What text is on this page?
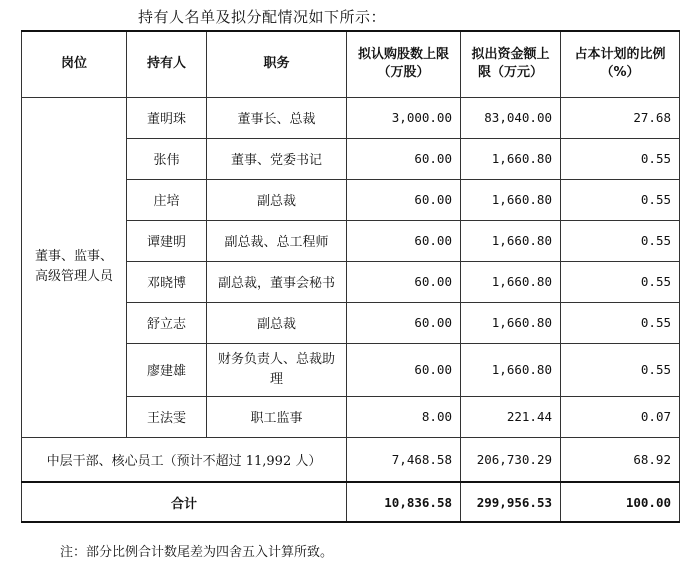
持有人名单及拟分配情况如下所示：
岗位	持有人	职务	拟认购股数上限（万股）	拟出资金额上限（万元）	占本计划的比例（%）
董事、监事、高级管理人员	董明珠	董事长、总裁	3,000.00	83,040.00	27.68
	张伟	董事、党委书记	60.00	1,660.80	0.55
	庄培	副总裁	60.00	1,660.80	0.55
	谭建明	副总裁、总工程师	60.00	1,660.80	0.55
	邓晓博	副总裁，董事会秘书	60.00	1,660.80	0.55
	舒立志	副总裁	60.00	1,660.80	0.55
	廖建雄	财务负责人、总裁助理	60.00	1,660.80	0.55
	王法雯	职工监事	8.00	221.44	0.07
中层干部、核心员工（预计不超过 11,992 人）			7,468.58	206,730.29	68.92
合计			10,836.58	299,956.53	100.00
注：部分比例合计数尾差为四舍五入计算所致。
